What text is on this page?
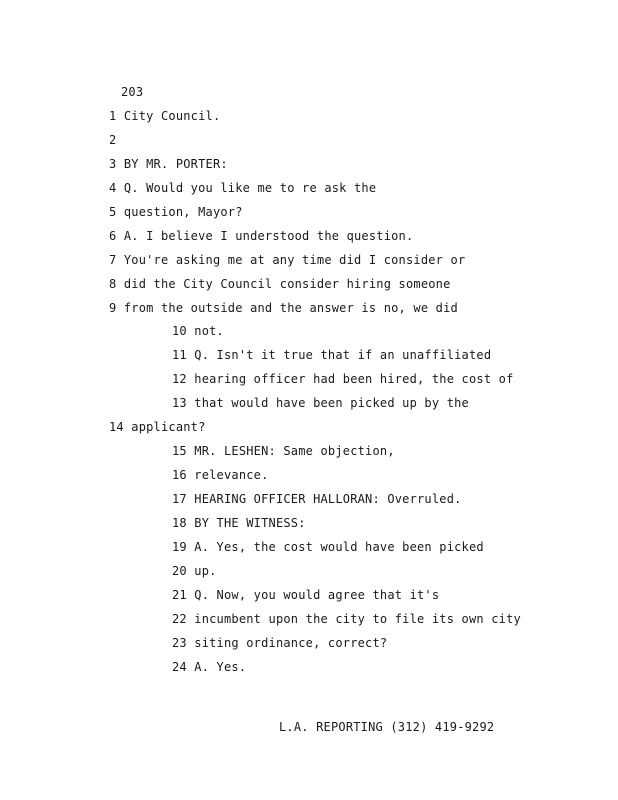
203
1 City Council.
2
3 BY MR. PORTER:
4 Q. Would you like me to re ask the
5 question, Mayor?
6 A. I believe I understood the question.
7 You're asking me at any time did I consider or
8 did the City Council consider hiring someone
9 from the outside and the answer is no, we did
10 not.
11 Q. Isn't it true that if an unaffiliated
12 hearing officer had been hired, the cost of
13 that would have been picked up by the
14 applicant?
15 MR. LESHEN: Same objection,
16 relevance.
17 HEARING OFFICER HALLORAN: Overruled.
18 BY THE WITNESS:
19 A. Yes, the cost would have been picked
20 up.
21 Q. Now, you would agree that it's
22 incumbent upon the city to file its own city
23 siting ordinance, correct?
24 A. Yes.
L.A. REPORTING (312) 419-9292
